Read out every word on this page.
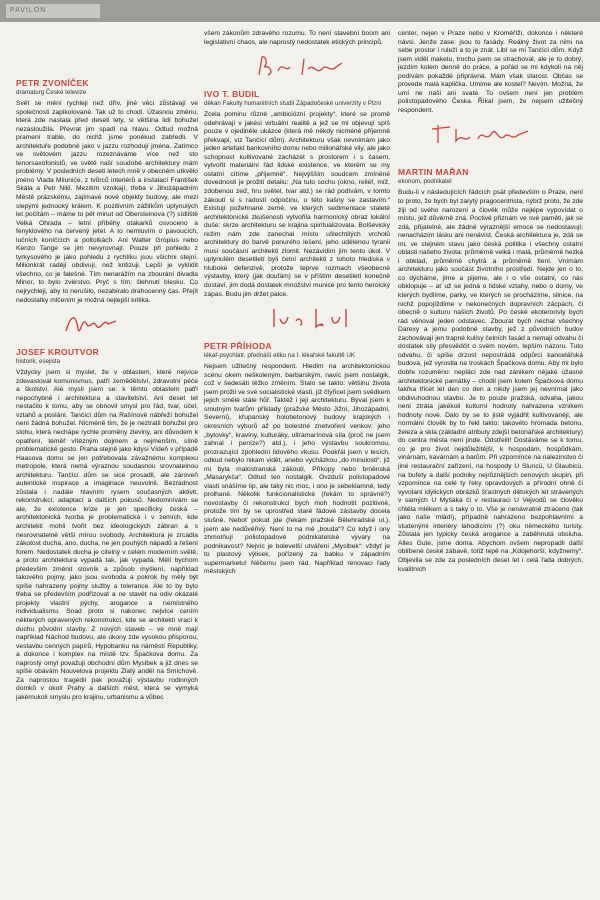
PAVILON

PETR ZVONÍČEK

dramaturg České televize

Svět se mění rychleji než dřív, jiné věci zůstávají ve společnosti zapikolované. Tak už to chodí. Úžasnou změnu, která zde nastala před deseti lety, si většina lidí bohužel nezasloužila. Převrat jim spadl na hlavu. Odtud možná pramení trable, do nichž jsme poněkud zabředli. V architektuře podobně jako v jazzu rozhodují jména. Zatímco ve světovém jazzu rozeznáváme více než sto tenorsaxofonistů, ve světě naší soudobé architektury mám problémy. V posledních deseti letech mně v obecném utkvělo jméno Vlada Miluniće, z tvůrců interiérů a instalací František Skála a Petr Nikl. Mezitím vznikají, třeba v Jihozápadním Městě prázskému, zajímavé nové objekty budovy, ale mezi slepými jednooký králem. K pozitivním zážitkům uplynulých let počítám – máme to pět minut od Obersteinova (?) sídliště Velká Ohrada – letní příběhy otakarků osvoceno a fenyklového na červený jetel. A to nemluvím o pavoucích, lučních koníčcích a poltolkách. Ani Walter Gropius nebo Kenzo Tange se jim nevyrovnají. Pouze při pohledu z tyrkysového je jako pohledu z rychlíku jsou všichni stejní. Milionkrát radějí obdivují, než kritizuji. Lepší je vyklidit všechno, co je falešné. Tím nenarážím na zbourání divadla Minor, to bylo zvěrstvo. Pryč s tím: šlehnutí blesku. Co nejrychleji, aby to nerušilo, nezabíralo drahocenný čas. Přejít nedostatky mlčením je možná nejlepší kritika.

JOSEF KROUTVOR

historik, esejista

Vždycky jsem si myslel, že v oblastem, které nejvíce zdevastoval komunismus, patří zemědělství, zdravotní péče a školství. Ale myslí jsem se: k těmto oblastem patří nepochybně i architektura a stavitelství. Ani deset let nestačilo k tomu, aby se obnovil smysl pro řád, tvar, účel, vztahů a poslání. Tančící dům na Rašínově nábřeží bohužel není žádná bohužel. Nicméně tím, že je neztratil bohužel pro slohu, která nechápe rychle proměny zleviny, ani důvodem k opatření, téměř vítězným dojmem a nejmenším, sílně problematické gesto. Praha stejně jako kdysi Vídeň v případě Haasova domu se jen potřebovala závažnému komplexu metropole, která nemá výraznou soudasnou srovnatelnou architekturu. Tančící dům se sice prosadil, ale zároveň autentické inspirace a imaginace neuvolnil. Bezradnost zůstala i nadále hlavním rysem současných aktivit, rekonstrukcí, adaptací a dalších pokusů. Nedomnívám se ale, že existence krize je jen specificky česká – architektonická tvorba je problematická i v zemích, kde architekti mohli tvořit bez ideologických zábran a s nesrovnatelně větší mírou svobody. Architektura je zrcadla zákotost ducha, ano, ducha, ne jen pouhých nápadů a řešení forem. Nedostatek ducha je citelný v celém moderním světě, a proto architektura vypadá tak, jak vypadá. Měli bychom především změnit slovník a způsob myšlení, například takového pojmy, jako jsou svoboda a pokrok by měly být spíše nahrazeny pojmy služby a tolerance. Ale to by bylo třeba se především podřizovat a ne stavět na odiv okázalé projekty vlastní pýchy, arogance a nemístného individualismu. Snad proto si nakonec nejvíce cením některých opravených rekonstrukcí, kde se architekti vrací k duchu původní stavby. Z nových staveb – ve mně mají například Náchod budovu, ale úkony zde vysokou přisporou, vestavbu cenných papírů, Hypobanku na náměstí Republiky, a dokonce i komplex na místě tzv. Špačkova domu. Za naprostý omyl považuji obchodní dům Myslbek a již dnes se spíše obávám Nouvelova projektu Zlatý anděl na Smíchově. Za naprostou tragédii pak považuji výstavbu rodinných domků v okolí Prahy a dalších měst, která se vymyká jakémukoli smyslu pro krajinu, urbanismu a vůbec

všem zákonům zdravého rozumu. To není stavební boom ani legislativní chaos, ale naprostý nedostatek etických principů.

IVO T. BUDIL

děkan Fakulty humanitních studií Západočeské univerzity v Plzni

Zcela pominu různé „ambiciózní projekty“, které se promě odehrávají v jakési virtuální realitě a jež se mi objevují spíš pouze v ojediněle ukázce (která mě někdy nicméně příjemně překvapí, viz Tančící dům). Architekturu však nevnímám jako jeden artefakt bankovního domu nebo milionářské vily, ale jako schopnost kultivované zacházet s prostorem i s časem, vytvořit materiální řád lidské existence, ve kterém se my ostatní cítíme „příjemně“. Nejvýšším soudcem zmíněné dovednosti je prožití detailu: „Na tuto sochu (okno, reliéf, míž, zdobenou zeď, hru světel, tvar atd.) se rád podívám, v tomto zákoutí si s radostí odpočinu, u této kašny se zastavím.“ Existují požehnané země, ve kterých sedimentace staleté architektonické zkušenosti vytvořila harmonický obraz lokální duše: skrze architekturu se krajina spiritualizovala. Bolševicky režim nám zde zanechal místo ušlechtilých vrcholů architektury do barvě ponurého lešení, jeho udělenou tyranii musí součásní architekti zlomit. Nezávidím jim tento úkol. V uplynulém desetiletí byli četní architekti z tohoto hlediska v hluboké defenzivě, protože teprve rozmach všeobecné výstavby, který (jak doufám) se v příštím desetiletí konečně dostaví, jim dodá dostatek množství munice pro tento heroický zápas. Budu jim držet palce.

PETR PŘÍHODA

lékař-psychiatr, přednáší etiku na I. lékařské fakultě UK

Nejsem užitečný respondent. Hledím na architektonickou scénu okem neškoleným, barbarským, navíc jsem nostalgik, což v šedesáti těžko změním. Stalo se takto: většinu života jsem prožil ve své socialistické vlasti, již čtyřicet jsem svědkem jejich smělé stále hůř. Taktéž i její architekturu. Býval jsem k smutným tvarům příklady (pražské Město Jižní, Jihozápadní, Severní), křupanský holobetonový budovy krajských i okresních výborů až po bolestné znetvoření venkov: jeho „bytovky“, kravíny, kulturáky, ultramarínová síla (proč ne jsem zahnal i peníze?) atd.), i jeho výstavbu soukromou, prozrazující zpohlední lidového vkusu. Pookřál jsem v lesích, odkud nebylo nikam vidět, anebo vycházkou „do minulosti“, již mi byla malostranská zákoutí, Příkopy nebo brněnská „Masarykča“. Odtud ten nostalgik. Ovzduší polistopadové vlasti snášíme lip, ale taky nic moc, i ono je sebeklamné, tedy prolhané. Několik funkcionalistické (řekám to správně?) novostavby či rekonstrukcí bych moh hodnotit pozitivně, protože tím by se uprostřed staré fádové zástavby docela slušně. Neboť pokud jde (řekám pražské Bělehradské ul.), jsem ale nedůvěřivý. Není to na mě „bouda“? Co když i ony zhmotňují polistopadové podnikatelské vývary na podnikavost? Nejvíc je bolevelší utváření „Myslbek“: vždyť je to plastový výlisek, pořízený za babku v západním supermarketu! Něčemu jsem rád. Například renovaci řady městských

center, nejen v Praze nebo v Kroměříži, dokonce i některé návsi. Jenže zase: jsou to fasády. Reálný život za nimi na sebe prostor i ruleží a to je znát. Libí se mi Tančící dům. Když jsem viděl maketu, trochu jsem se strachoval, ale je to dobrý, jezdím kolem denně do práce, a pořád se mi kdykoli na něj podívám pokaždé připrávná. Mám však starost. Občas se provede malá kaplička. Umíme ale kostel? Nevím. Možná, že umí ne naši ani svaté. To ovšem není jen problém polistopadového Česka. Říkal jsem, že nejsem užitečný respondent.

MARTIN MAŘAN

ekonom, podnikatel

Budu-li v následujících řádcích psát především o Praze, není to proto, že bych byl zarytý pragocentrista, nýbrž proto, že zde žiji od svého narození a člověk může nejlépe vypovídat o místu, jež důvěrně zná. Poctivě přiznám ve své paměti, jak se zdá, přijatelně, ale žádné výraznější emoce se nedostavují; nenacházím lásku ani nenávist. Česká architektura je, zdá se mi, ve stejném stavu jako česká politika i všechny ostatní oblasti našeho života: průměrně velká i malá, průměrně hezká i obklad, průměrně chytrá a průměrně tlení. Vnímám architekturu jako součást životního prostředí. Nejde jen o to, co dýcháme, jíme a pijeme, ale i o vše ostatní, co nás obklopuje – ať už se jedná o lidské vztahy, nebo o domy, ve kterých bydlíme, parky, ve kterých se procházíme, silnice, na nichž popojíždíme v nekonečných dopravních zácpách, či obecně o kulturu našich životů. Po české ekoteroristy bych rád věnoval jeden odstavec. Zbourat bych nechal všechny Darexy a jemu podobné stavby, jež z původních budov zachovávají jen trapné kulisy čelních fasád a nemají odvahu či dostatek síly přesvědčit o svém novém, lepším názoru. Tuto odvahu, či spíše drzost nepostrádá odpůrci kancelářská budova, jež vyrostla na troskách Špačkova domu. Aby mi bylo dobře rozuměno: neplácí zde nad zánikem nějaké úžasné architektonické památky – chodil jsem kolem Špačkova domu takřka třicet let den co den a nikdy jsem jej nevnímal jako obdivuhodnou stavbu. Je to pouze pražská, odvaha, jakou není ztráta jakékoli kulturní hodnoty nahrazena vznikem hodnoty nové. Dalo by se to jistě vyjádřit kultivovaněji, ale normální člověk by to řekl takto: takovéto hromada betonu, železa a skla (základní atributy zdejší betonářské architektury) do centra města není jinde. Odstřelit! Dostáváme se k tomu, co je pro život nejdůležitější, k hospodám, hospůdkám, vinárnám, kavárnám a barům. Při vzpomínce na nalezinstvo či jiné restaurační zařízení, na hospody U Sluncü, U Glaubicü, na bufety a další podniky nejrůznějších cenových skupin, při vzpomínce na celé ty řeky opravdových a přírodní ohně či vyvolaní idylických obrázků šťastných dětských let strávených v samých U Myšáka či v restauraci U Vejvodů se člověku chtěla mlékem a s taky o to. Vše je nenávratně ztraceno (tak jako naše mládí), případně nahrazeno bezpohlavními a studenými interiéry lahodícími (?) oku německého turisty. Zůstala jen typicky česká arogance a zaběhnutá obsluha. Alles Gute, jsme doma. Abychom ovšem nepropadli další oblíbené české zábavě, totiž tepě na „Kdojehorší, kdyžnemy“. Objevila se zde za posledních deset let i celá řada dobrých, kvalitních
